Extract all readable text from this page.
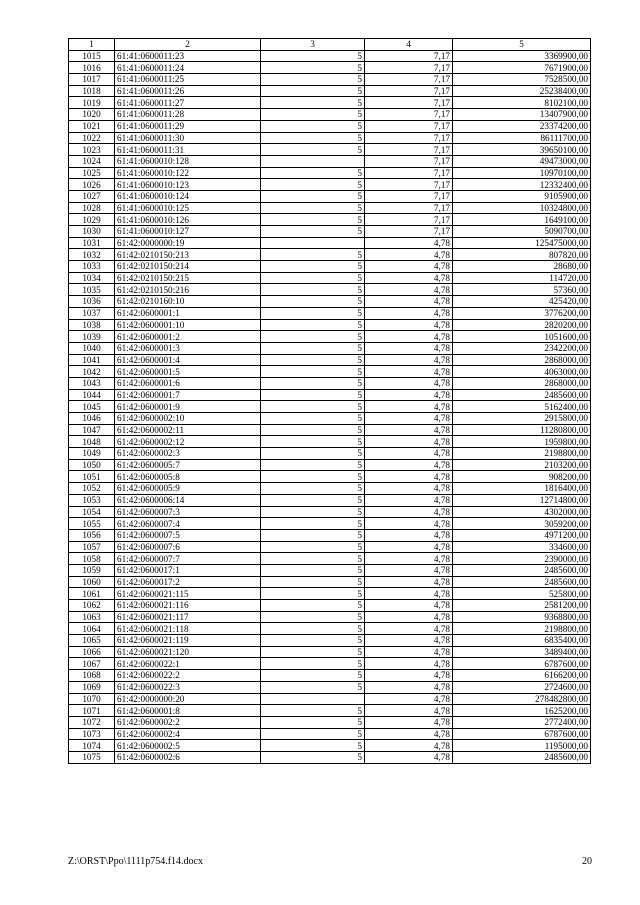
1	2	3	4	5
1015	61:41:0600011:23	5	7,17	3369900,00
1016	61:41:0600011:24	5	7,17	7671900,00
1017	61:41:0600011:25	5	7,17	7528500,00
1018	61:41:0600011:26	5	7,17	25238400,00
1019	61:41:0600011:27	5	7,17	8102100,00
1020	61:41:0600011:28	5	7,17	13407900,00
1021	61:41:0600011:29	5	7,17	23374200,00
1022	61:41:0600011:30	5	7,17	86111700,00
1023	61:41:0600011:31	5	7,17	39650100,00
1024	61:41:0600010:128		7,17	49473000,00
1025	61:41:0600010:122	5	7,17	10970100,00
1026	61:41:0600010:123	5	7,17	12332400,00
1027	61:41:0600010:124	5	7,17	9105900,00
1028	61:41:0600010:125	5	7,17	10324800,00
1029	61:41:0600010:126	5	7,17	1649100,00
1030	61:41:0600010:127	5	7,17	5090700,00
1031	61:42:0000000:19		4,78	125475000,00
1032	61:42:0210150:213	5	4,78	807820,00
1033	61:42:0210150:214	5	4,78	28680,00
1034	61:42:0210150:215	5	4,78	114720,00
1035	61:42:0210150:216	5	4,78	57360,00
1036	61:42:0210160:10	5	4,78	425420,00
1037	61:42:0600001:1	5	4,78	3776200,00
1038	61:42:0600001:10	5	4,78	2820200,00
1039	61:42:0600001:2	5	4,78	1051600,00
1040	61:42:0600001:3	5	4,78	2342200,00
1041	61:42:0600001:4	5	4,78	2868000,00
1042	61:42:0600001:5	5	4,78	4063000,00
1043	61:42:0600001:6	5	4,78	2868000,00
1044	61:42:0600001:7	5	4,78	2485600,00
1045	61:42:0600001:9	5	4,78	5162400,00
1046	61:42:0600002:10	5	4,78	2915800,00
1047	61:42:0600002:11	5	4,78	11280800,00
1048	61:42:0600002:12	5	4,78	1959800,00
1049	61:42:0600002:3	5	4,78	2198800,00
1050	61:42:0600005:7	5	4,78	2103200,00
1051	61:42:0600005:8	5	4,78	908200,00
1052	61:42:0600005:9	5	4,78	1816400,00
1053	61:42:0600006:14	5	4,78	12714800,00
1054	61:42:0600007:3	5	4,78	4302000,00
1055	61:42:0600007:4	5	4,78	3059200,00
1056	61:42:0600007:5	5	4,78	4971200,00
1057	61:42:0600007:6	5	4,78	334600,00
1058	61:42:0600007:7	5	4,78	2390000,00
1059	61:42:0600017:1	5	4,78	2485600,00
1060	61:42:0600017:2	5	4,78	2485600,00
1061	61:42:0600021:115	5	4,78	525800,00
1062	61:42:0600021:116	5	4,78	2581200,00
1063	61:42:0600021:117	5	4,78	9368800,00
1064	61:42:0600021:118	5	4,78	2198800,00
1065	61:42:0600021:119	5	4,78	6835400,00
1066	61:42:0600021:120	5	4,78	3489400,00
1067	61:42:0600022:1	5	4,78	6787600,00
1068	61:42:0600022:2	5	4,78	6166200,00
1069	61:42:0600022:3	5	4,78	2724600,00
1070	61:42:0000000:20		4,78	278482800,00
1071	61:42:0600001:8	5	4,78	1625200,00
1072	61:42:0600002:2	5	4,78	2772400,00
1073	61:42:0600002:4	5	4,78	6787600,00
1074	61:42:0600002:5	5	4,78	1195000,00
1075	61:42:0600002:6	5	4,78	2485600,00
Z:\ORST\Ppo\1111p754.f14.docx	20
